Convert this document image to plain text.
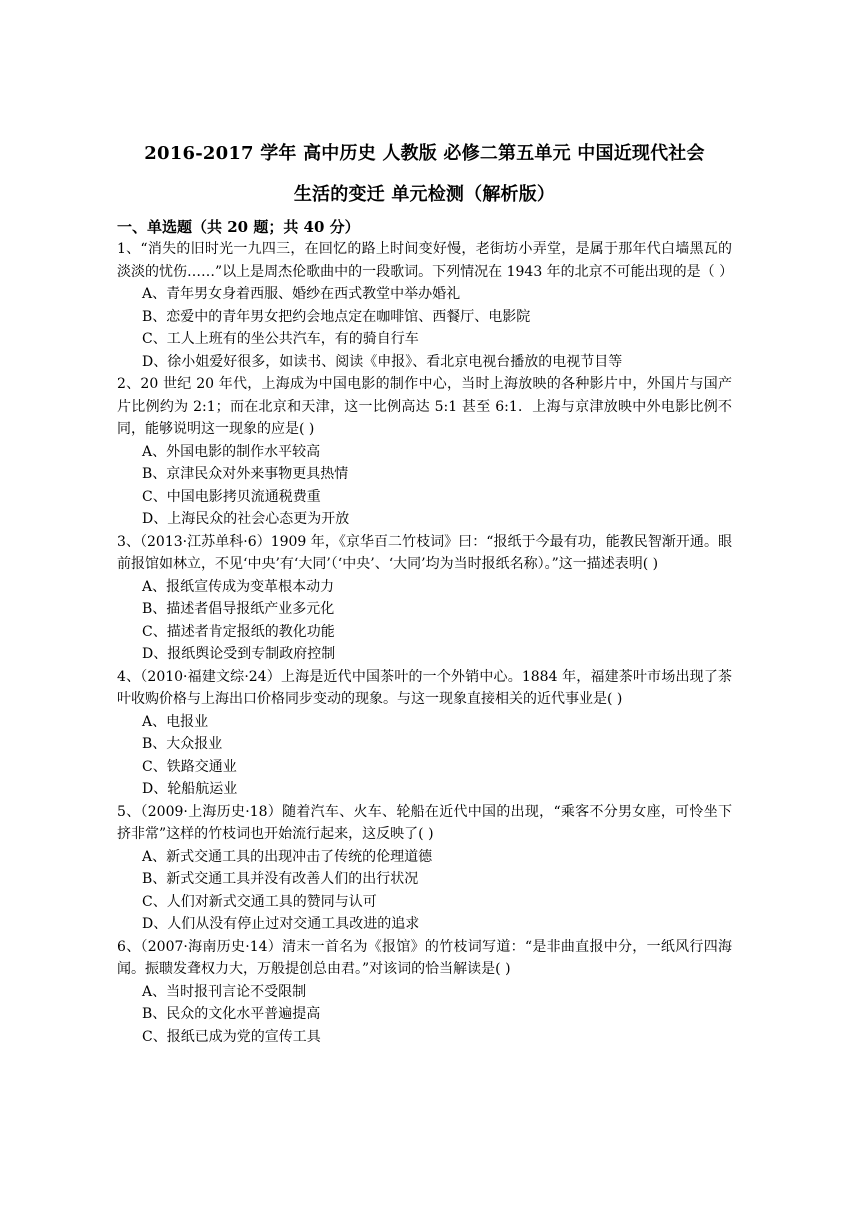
2016-2017 学年 高中历史 人教版 必修二第五单元 中国近现代社会
生活的变迁 单元检测（解析版）
一、单选题（共 20 题；共 40 分）

1、“消失的旧时光一九四三，在回忆的路上时间变好慢，老街坊小弄堂，是属于那年代白墙黑瓦的淡淡的忧伤……”以上是周杰伦歌曲中的一段歌词。下列情况在 1943 年的北京不可能出现的是（ ）

A、青年男女身着西服、婚纱在西式教堂中举办婚礼

B、恋爱中的青年男女把约会地点定在咖啡馆、西餐厅、电影院

C、工人上班有的坐公共汽车，有的骑自行车

D、徐小姐爱好很多，如读书、阅读《申报》、看北京电视台播放的电视节目等

2、20 世纪 20 年代，上海成为中国电影的制作中心，当时上海放映的各种影片中，外国片与国产片比例约为 2:1；而在北京和天津，这一比例高达 5:1 甚至 6:1．上海与京津放映中外电影比例不同，能够说明这一现象的应是( )

A、外国电影的制作水平较高

B、京津民众对外来事物更具热情

C、中国电影拷贝流通税费重

D、上海民众的社会心态更为开放

3、（2013·江苏单科·6）1909 年，《京华百二竹枝词》曰：“报纸于今最有功，能教民智渐开通。眼前报馆如林立，不见‘中央’有‘大同’（‘中央’、‘大同’均为当时报纸名称）。”这一描述表明( )

A、报纸宣传成为变革根本动力

B、描述者倡导报纸产业多元化

C、描述者肯定报纸的教化功能

D、报纸舆论受到专制政府控制

4、（2010·福建文综·24）上海是近代中国茶叶的一个外销中心。1884 年，福建茶叶市场出现了茶叶收购价格与上海出口价格同步变动的现象。与这一现象直接相关的近代事业是( )

A、电报业

B、大众报业

C、铁路交通业

D、轮船航运业

5、（2009·上海历史·18）随着汽车、火车、轮船在近代中国的出现，“乘客不分男女座，可怜坐下挤非常”这样的竹枝词也开始流行起来，这反映了( )

A、新式交通工具的出现冲击了传统的伦理道德

B、新式交通工具并没有改善人们的出行状况

C、人们对新式交通工具的赞同与认可

D、人们从没有停止过对交通工具改进的追求

6、（2007·海南历史·14）清末一首名为《报馆》的竹枝词写道：“是非曲直报中分，一纸风行四海闻。振聩发聋权力大，万般提创总由君。”对该词的恰当解读是( )

A、当时报刊言论不受限制

B、民众的文化水平普遍提高

C、报纸已成为党的宣传工具
